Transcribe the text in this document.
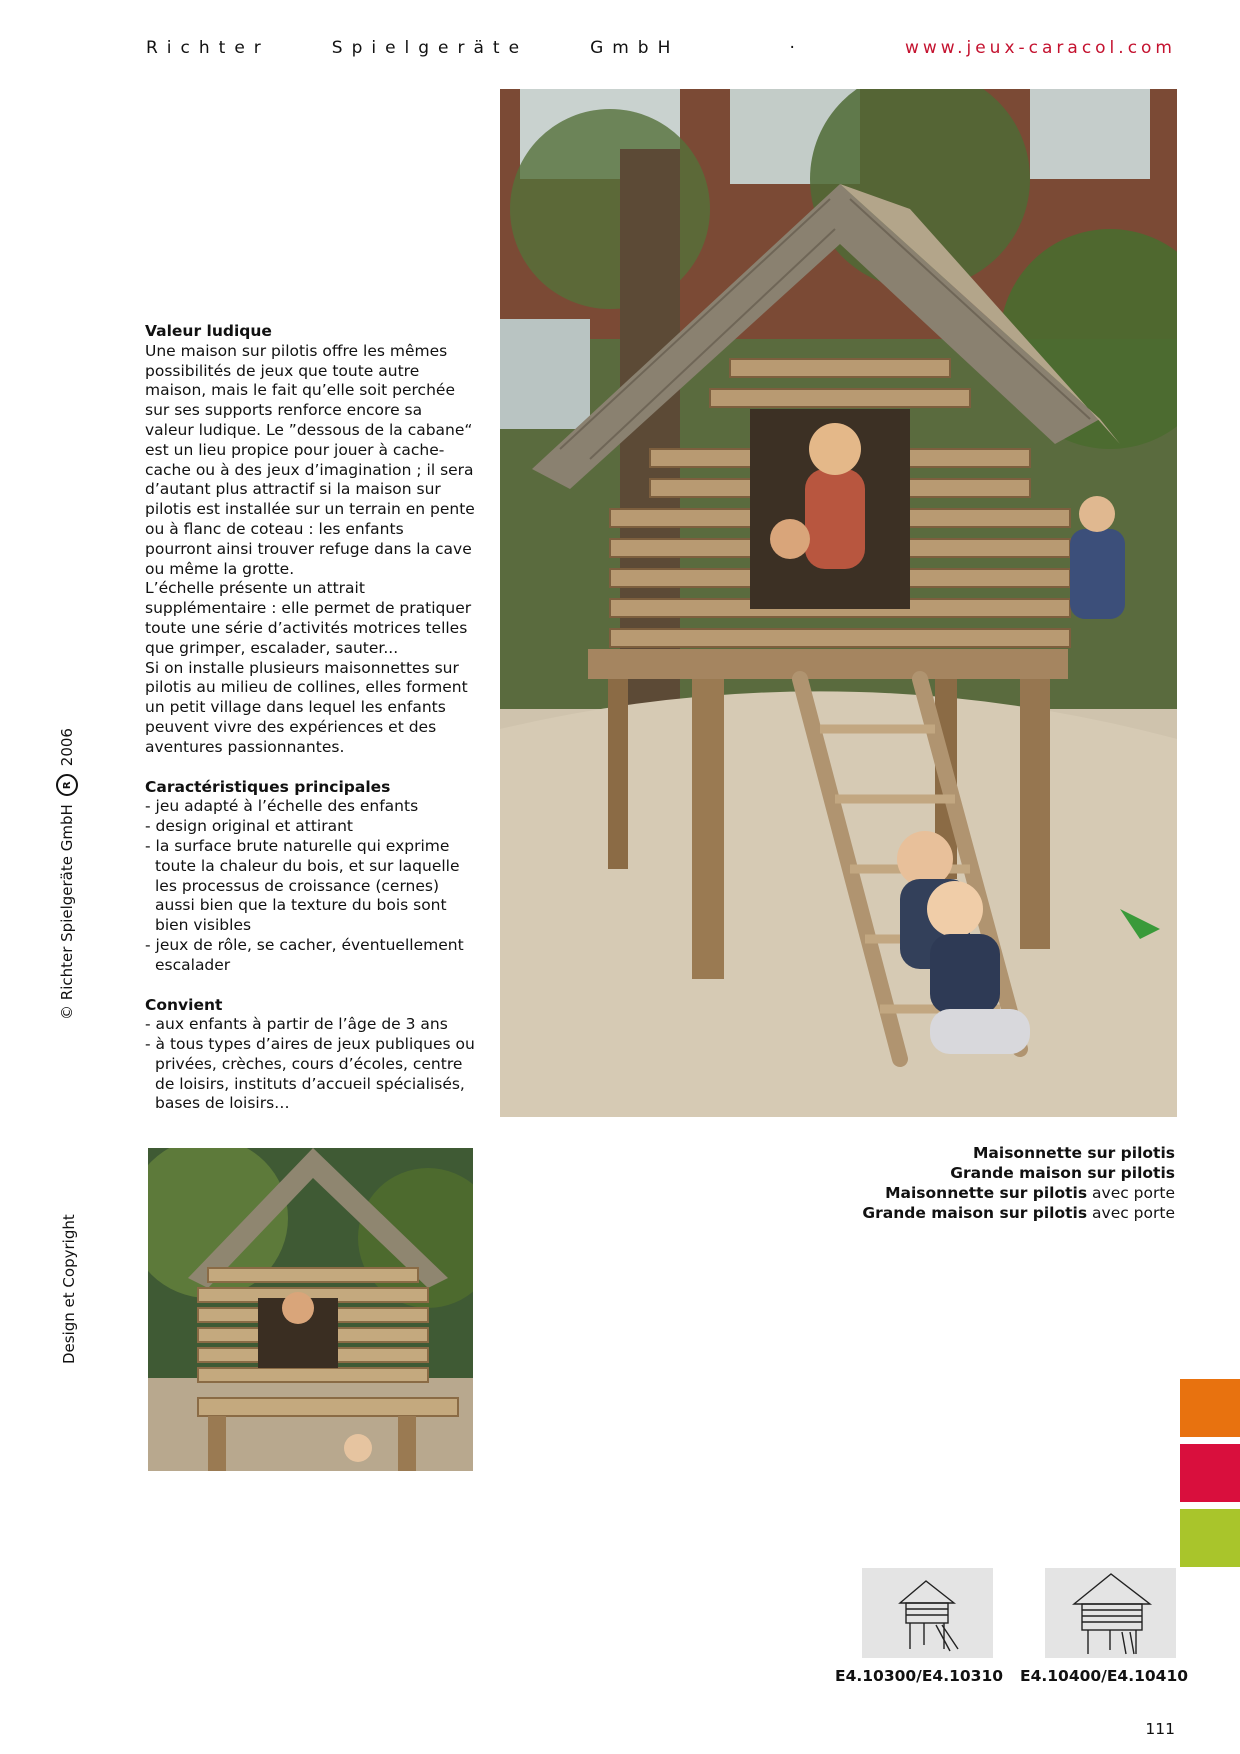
Richter	Spielgeräte	GmbH	·	www.jeux-caracol.com
© Richter Spielgeräte GmbH
R
2006
Design et Copyright
Valeur ludique

Une maison sur pilotis offre les mêmes possibilités de jeux que toute autre maison, mais le fait qu’elle soit perchée sur ses supports renforce encore sa valeur ludique. Le ”dessous de la cabane“ est un lieu propice pour jouer à cache-cache ou à des jeux d’imagination ; il sera d’autant plus attractif si la maison sur pilotis est installée sur un terrain en pente ou à flanc de coteau : les enfants pourront ainsi trouver refuge dans la cave ou même la grotte.

L’échelle présente un attrait supplémentaire : elle permet de pratiquer toute une série d’activités motrices telles que grimper, escalader, sauter...

Si on installe plusieurs maisonnettes sur pilotis au milieu de collines, elles forment un petit village dans lequel les enfants peuvent vivre des expériences et des aventures passionnantes.

Caractéristiques principales
- jeu adapté à l’échelle des enfants
- design original et attirant
- la surface brute naturelle qui exprime toute la chaleur du bois, et sur laquelle les processus de croissance (cernes) aussi bien que la texture du bois sont bien visibles
- jeux de rôle, se cacher, éventuellement escalader
Convient
- aux enfants à partir de l’âge de 3 ans
- à tous types d’aires de jeux publiques ou privées, crèches, cours d’écoles, centre de loisirs, instituts d’accueil spécialisés, bases de loisirs…
Maisonnette sur pilotis
Grande maison sur pilotis
Maisonnette sur pilotis avec porte
Grande maison sur pilotis avec porte
E4.10300/E4.10310 E4.10400/E4.10410
111
